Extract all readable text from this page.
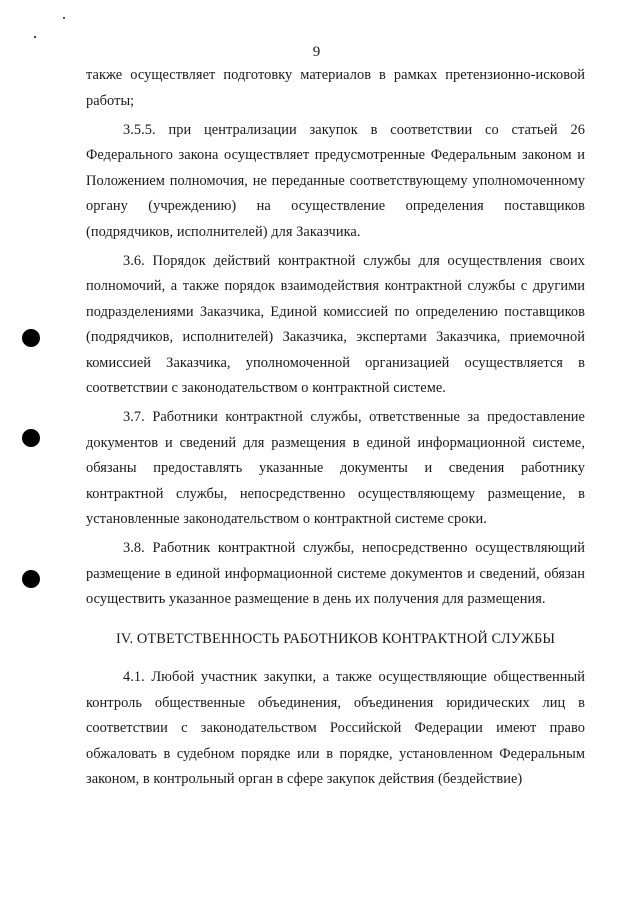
9

также осуществляет подготовку материалов в рамках претензионно-исковой работы;

3.5.5. при централизации закупок в соответствии со статьей 26 Федерального закона осуществляет предусмотренные Федеральным законом и Положением полномочия, не переданные соответствующему уполномоченному органу (учреждению) на осуществление определения поставщиков (подрядчиков, исполнителей) для Заказчика.

3.6. Порядок действий контрактной службы для осуществления своих полномочий, а также порядок взаимодействия контрактной службы с другими подразделениями Заказчика, Единой комиссией по определению поставщиков (подрядчиков, исполнителей) Заказчика, экспертами Заказчика, приемочной комиссией Заказчика, уполномоченной организацией осуществляется в соответствии с законодательством о контрактной системе.

3.7. Работники контрактной службы, ответственные за предоставление документов и сведений для размещения в единой информационной системе, обязаны предоставлять указанные документы и сведения работнику контрактной службы, непосредственно осуществляющему размещение, в установленные законодательством о контрактной системе сроки.

3.8. Работник контрактной службы, непосредственно осуществляющий размещение в единой информационной системе документов и сведений, обязан осуществить указанное размещение в день их получения для размещения.

IV. ОТВЕТСТВЕННОСТЬ РАБОТНИКОВ КОНТРАКТНОЙ СЛУЖБЫ

4.1. Любой участник закупки, а также осуществляющие общественный контроль общественные объединения, объединения юридических лиц в соответствии с законодательством Российской Федерации имеют право обжаловать в судебном порядке или в порядке, установленном Федеральным законом, в контрольный орган в сфере закупок действия (бездействие)
